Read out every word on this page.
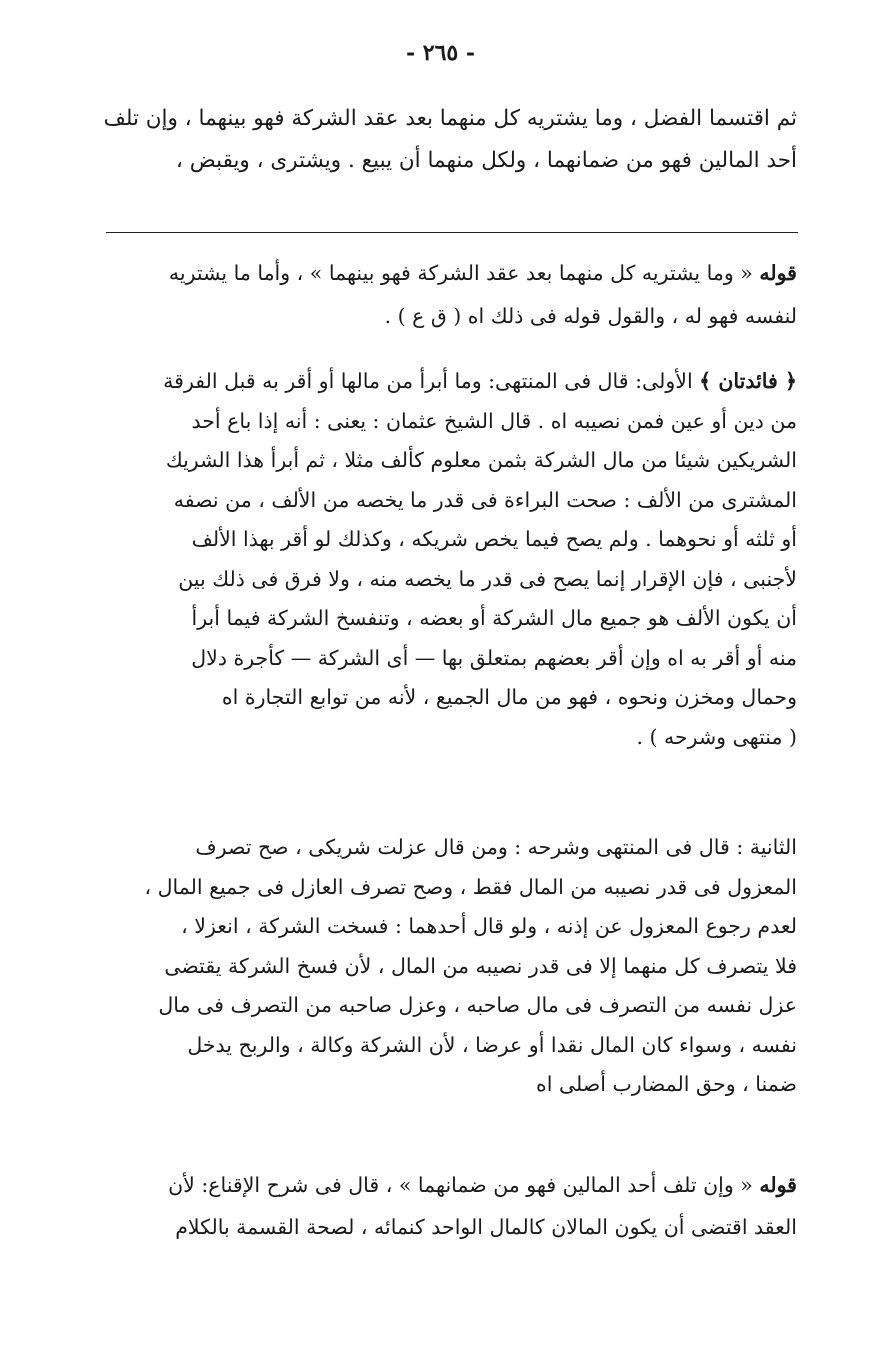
- ٢٦٥ -
ثم اقتسما الفضل ، وما يشتريه كل منهما بعد عقد الشركة فهو بينهما ، وإن تلف
أحد المالين فهو من ضمانهما ، ولكل منهما أن يبيع . ويشترى ، ويقبض ،
قوله « وما يشتريه كل منهما بعد عقد الشركة فهو بينهما » ، وأما ما يشتريه
لنفسه فهو له ، والقول قوله فى ذلك اه ( ق ع ) .
﴿ فائدتان ﴾ الأولى: قال فى المنتهى: وما أبرأ من مالها أو أقر به قبل الفرقة
من دين أو عين فمن نصيبه اه . قال الشيخ عثمان : يعنى : أنه إذا باع أحد
الشريكين شيئا من مال الشركة بثمن معلوم كألف مثلا ، ثم أبرأ هذا الشريك
المشترى من الألف : صحت البراءة فى قدر ما يخصه من الألف ، من نصفه
أو ثلثه أو نحوهما . ولم يصح فيما يخص شريكه ، وكذلك لو أقر بهذا الألف
لأجنبى ، فإن الإقرار إنما يصح فى قدر ما يخصه منه ، ولا فرق فى ذلك بين
أن يكون الألف هو جميع مال الشركة أو بعضه ، وتنفسخ الشركة فيما أبرأ
منه أو أقر به اه وإن أقر بعضهم بمتعلق بها — أى الشركة — كأجرة دلال
وحمال ومخزن ونحوه ، فهو من مال الجميع ، لأنه من توابع التجارة اه
( منتهى وشرحه ) .
الثانية : قال فى المنتهى وشرحه : ومن قال عزلت شريكى ، صح تصرف
المعزول فى قدر نصيبه من المال فقط ، وصح تصرف العازل فى جميع المال ،
لعدم رجوع المعزول عن إذنه ، ولو قال أحدهما : فسخت الشركة ، انعزلا ،
فلا يتصرف كل منهما إلا فى قدر نصيبه من المال ، لأن فسخ الشركة يقتضى
عزل نفسه من التصرف فى مال صاحبه ، وعزل صاحبه من التصرف فى مال
نفسه ، وسواء كان المال نقدا أو عرضا ، لأن الشركة وكالة ، والربح يدخل
ضمنا ، وحق المضارب أصلى اه
قوله « وإن تلف أحد المالين فهو من ضمانهما » ، قال فى شرح الإقناع: لأن
العقد اقتضى أن يكون المالان كالمال الواحد كنمائه ، لصحة القسمة بالكلام
